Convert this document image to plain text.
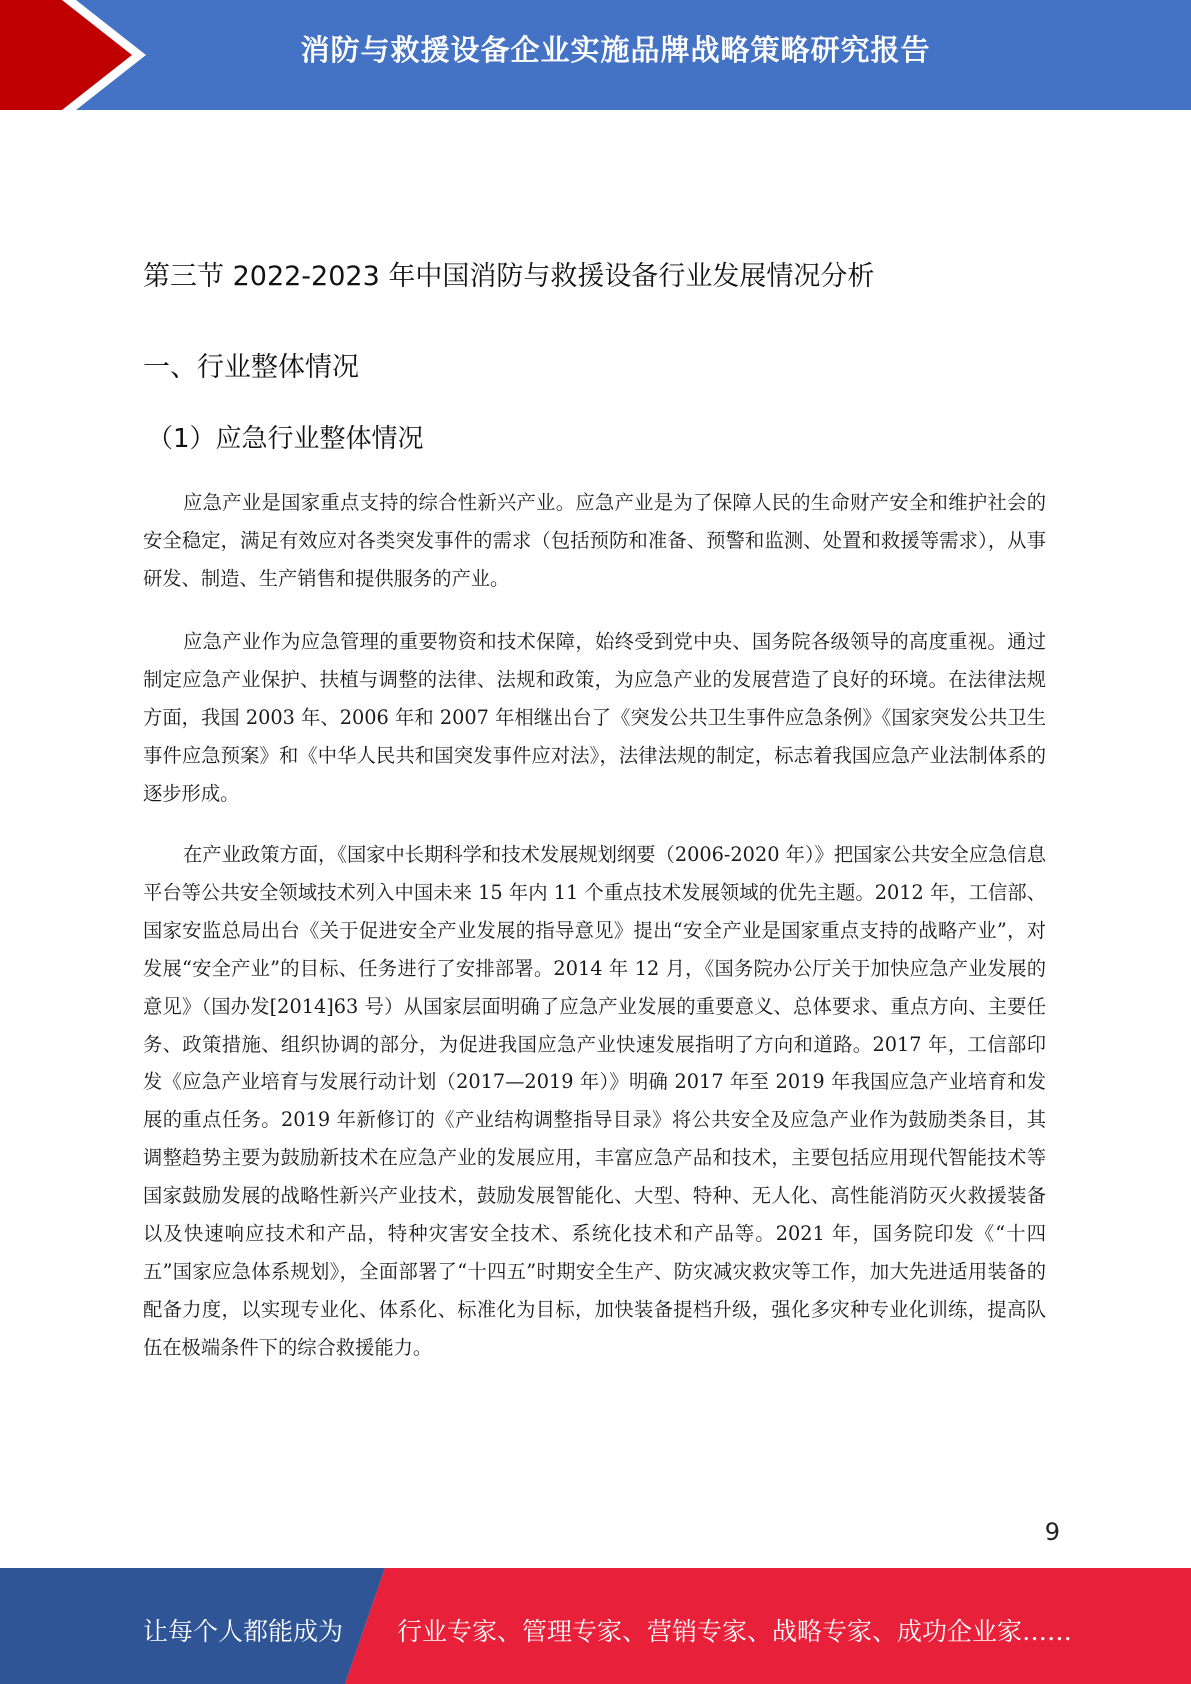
消防与救援设备企业实施品牌战略策略研究报告
第三节 2022-2023 年中国消防与救援设备行业发展情况分析
一、行业整体情况
（1）应急行业整体情况

应急产业是国家重点支持的综合性新兴产业。应急产业是为了保障人民的生命财产安全和维护社会的安全稳定，满足有效应对各类突发事件的需求（包括预防和准备、预警和监测、处置和救援等需求），从事研发、制造、生产销售和提供服务的产业。

应急产业作为应急管理的重要物资和技术保障，始终受到党中央、国务院各级领导的高度重视。通过制定应急产业保护、扶植与调整的法律、法规和政策，为应急产业的发展营造了良好的环境。在法律法规方面，我国 2003 年、2006 年和 2007 年相继出台了《突发公共卫生事件应急条例》《国家突发公共卫生事件应急预案》和《中华人民共和国突发事件应对法》，法律法规的制定，标志着我国应急产业法制体系的逐步形成。

在产业政策方面，《国家中长期科学和技术发展规划纲要（2006-2020 年）》把国家公共安全应急信息平台等公共安全领域技术列入中国未来 15 年内 11 个重点技术发展领域的优先主题。2012 年，工信部、国家安监总局出台《关于促进安全产业发展的指导意见》提出“安全产业是国家重点支持的战略产业”，对发展“安全产业”的目标、任务进行了安排部署。2014 年 12 月，《国务院办公厅关于加快应急产业发展的意见》（国办发[2014]63 号）从国家层面明确了应急产业发展的重要意义、总体要求、重点方向、主要任务、政策措施、组织协调的部分，为促进我国应急产业快速发展指明了方向和道路。2017 年，工信部印发《应急产业培育与发展行动计划（2017—2019 年）》明确 2017 年至 2019 年我国应急产业培育和发展的重点任务。2019 年新修订的《产业结构调整指导目录》将公共安全及应急产业作为鼓励类条目，其调整趋势主要为鼓励新技术在应急产业的发展应用，丰富应急产品和技术，主要包括应用现代智能技术等国家鼓励发展的战略性新兴产业技术，鼓励发展智能化、大型、特种、无人化、高性能消防灭火救援装备以及快速响应技术和产品，特种灾害安全技术、系统化技术和产品等。2021 年，国务院印发《“十四五”国家应急体系规划》，全面部署了“十四五”时期安全生产、防灾减灾救灾等工作，加大先进适用装备的配备力度，以实现专业化、体系化、标准化为目标，加快装备提档升级，强化多灾种专业化训练，提高队伍在极端条件下的综合救援能力。

9
让每个人都能成为 行业专家、管理专家、营销专家、战略专家、成功企业家……
